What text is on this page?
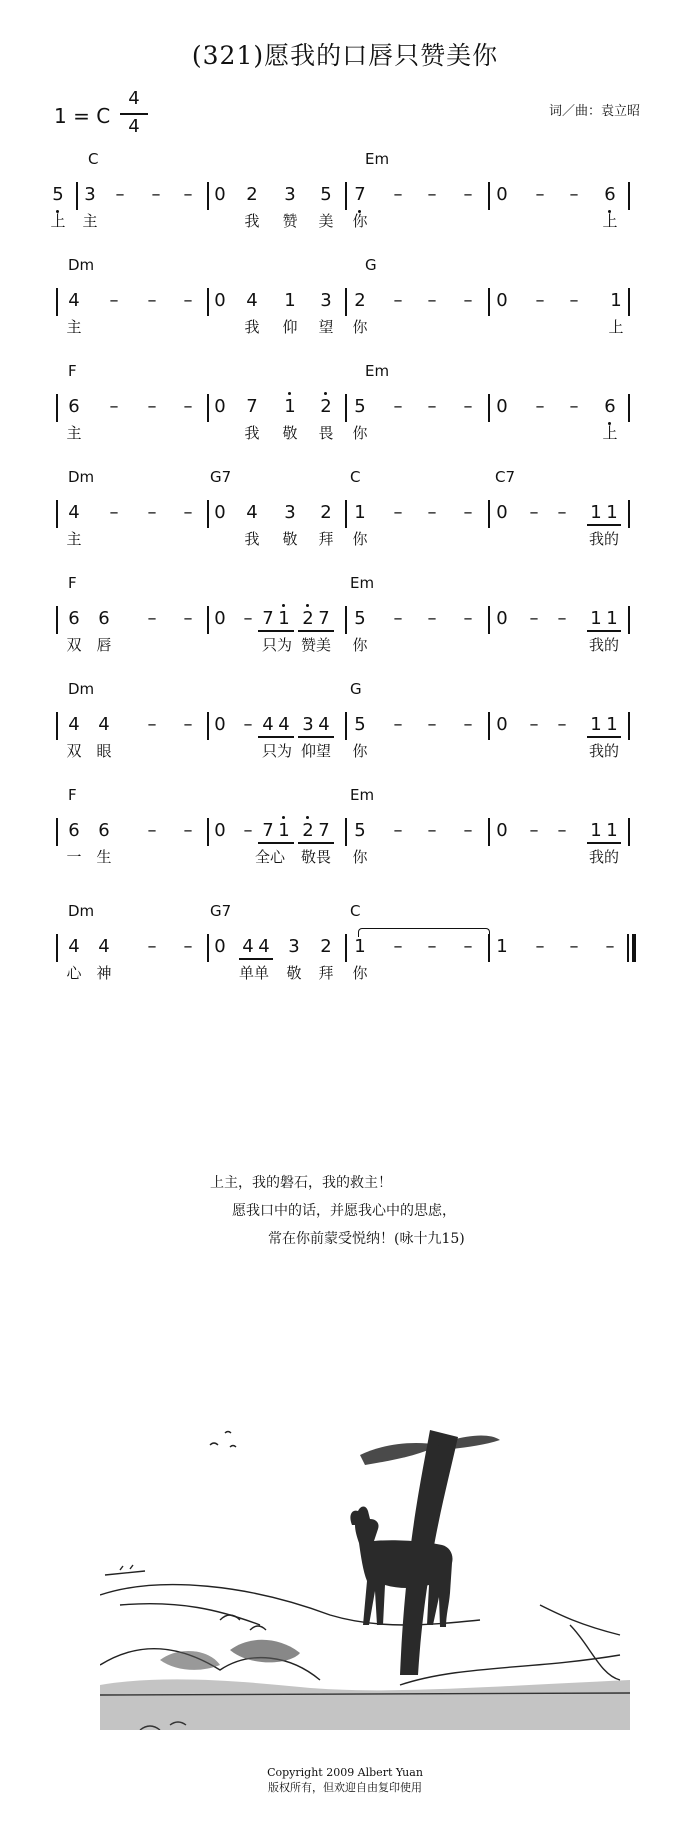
(321)愿我的口唇只赞美你
1 = C
4
4
词／曲：袁立昭
C	Em
5 3	–	–	–	0 2 3 5 7	–	–	–	0	–	–	6
上 主	我 赞 美 你	上
Dm	G
4	–	–	–	0 4 1 3 2	–	–	–	0	–	–	1
主	我 仰 望 你	上
F	Em
6	–	–	–	0 7 1 2 5	–	–	–	0	–	–	6
主	我 敬 畏 你	上
Dm	G7	C	C7
4	–	–	–	0 4 3 2 1	–	–	–	0	–	–	1 1
主	我 敬 拜 你	我的
F	Em
6 6	–	–	0 – 7 1 2 7 5	–	–	–	0	–	–	1 1
双 唇	只为 赞美	你	我的
Dm	G
4 4	–	–	0 – 4 4 3 4 5	–	–	–	0	–	–	1 1
双 眼	只为 仰望	你	我的
F	Em
6 6	–	–	0 – 7 1 2 7 5	–	–	–	0	–	–	1 1
一 生	全心	敬畏	你	我的
Dm	G7	C
4 4	–	–	0 4 4 3 2 1	–	–	–	1	–	–	–
心 神	单单	敬 拜 你
上主，我的磐石，我的救主！
愿我口中的话，并愿我心中的思虑，
常在你前蒙受悦纳！(咏十九15)
Copyright 2009 Albert Yuan
版权所有，但欢迎自由复印使用
